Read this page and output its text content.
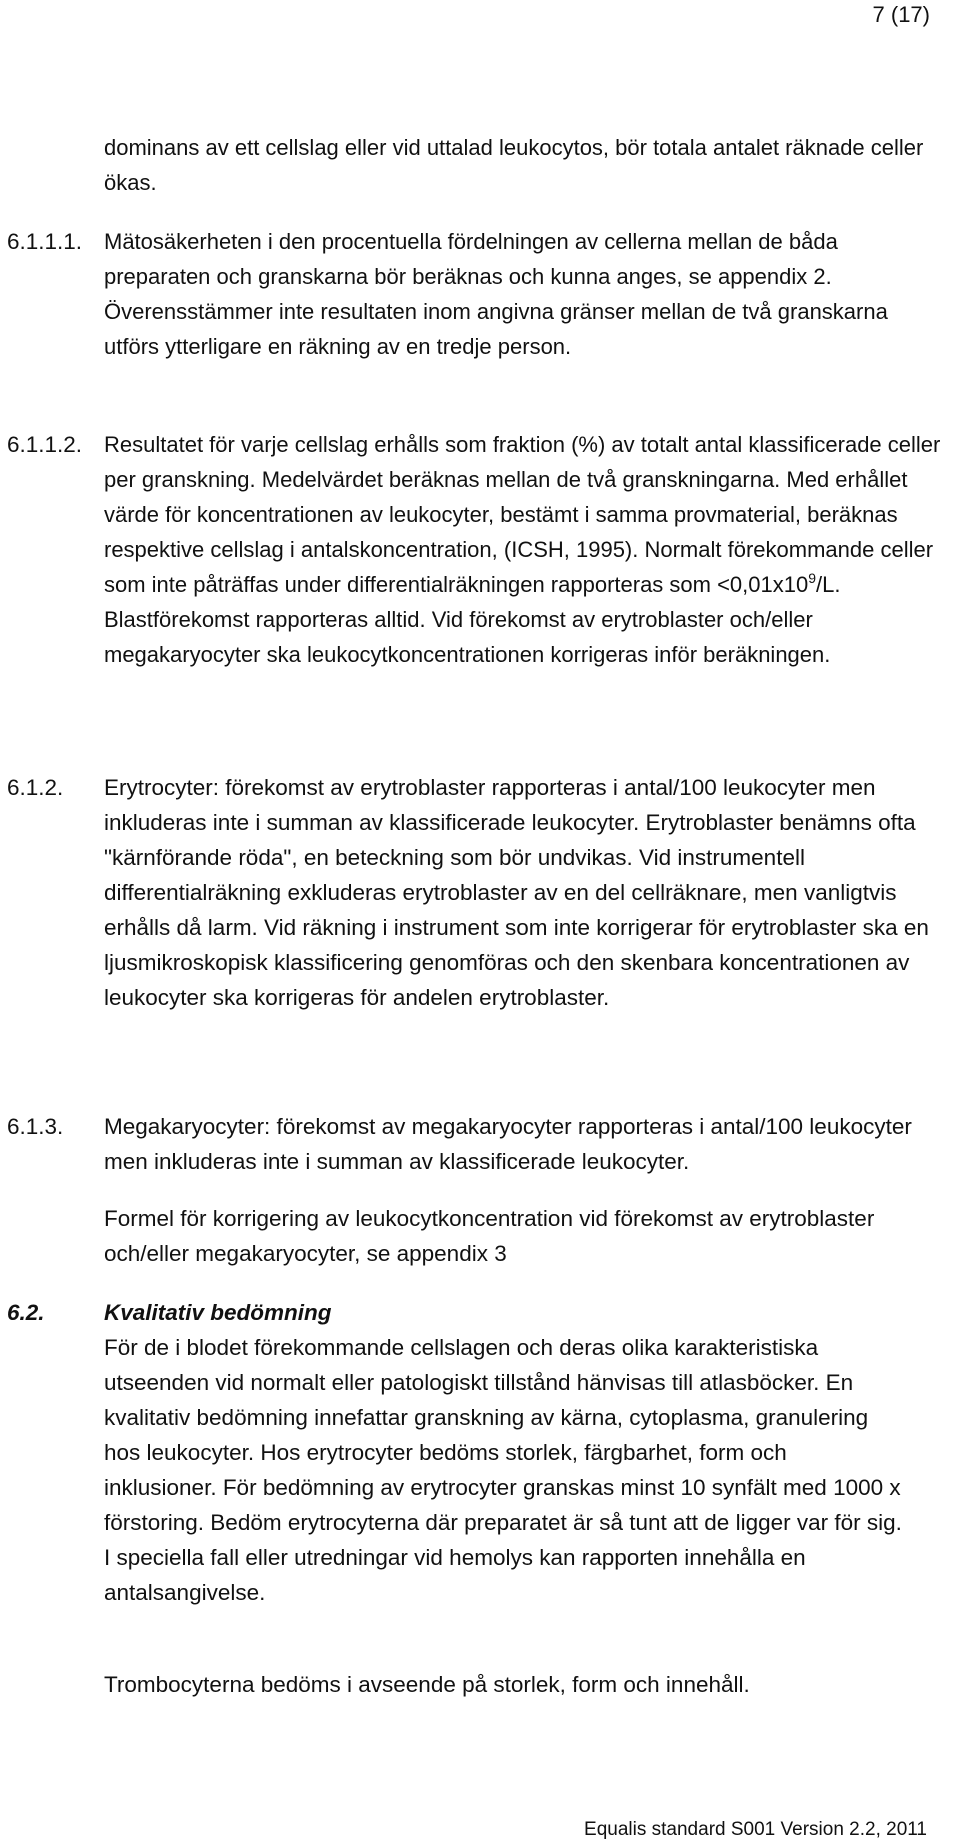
7 (17)

dominans av ett cellslag eller vid uttalad leukocytos, bör totala antalet räknade celler ökas.

6.1.1.1. Mätosäkerheten i den procentuella fördelningen av cellerna mellan de båda preparaten och granskarna bör beräknas och kunna anges, se appendix 2. Överensstämmer inte resultaten inom angivna gränser mellan de två granskarna utförs ytterligare en räkning av en tredje person.

6.1.1.2. Resultatet för varje cellslag erhålls som fraktion (%) av totalt antal klassificerade celler per granskning. Medelvärdet beräknas mellan de två granskningarna. Med erhållet värde för koncentrationen av leukocyter, bestämt i samma provmaterial, beräknas respektive cellslag i antalskoncentration, (ICSH, 1995). Normalt förekommande celler som inte påträffas under differentialräkningen rapporteras som $<0,01x10^9/L$. Blastförekomst rapporteras alltid. Vid förekomst av erytroblaster och/eller megakaryocyter ska leukocytkoncentrationen korrigeras inför beräkningen.

6.1.2. Erytrocyter: förekomst av erytroblaster rapporteras i antal/100 leukocyter men inkluderas inte i summan av klassificerade leukocyter. Erytroblaster benämns ofta "kärnförande röda", en beteckning som bör undvikas. Vid instrumentell differentialräkning exkluderas erytroblaster av en del cellräknare, men vanligtvis erhålls då larm. Vid räkning i instrument som inte korrigerar för erytroblaster ska en ljusmikroskopisk klassificering genomföras och den skenbara koncentrationen av leukocyter ska korrigeras för andelen erytroblaster.

6.1.3. Megakaryocyter: förekomst av megakaryocyter rapporteras i antal/100 leukocyter men inkluderas inte i summan av klassificerade leukocyter.

Formel för korrigering av leukocytkoncentration vid förekomst av erytroblaster och/eller megakaryocyter, se appendix 3

6.2.	Kvalitativ bedömning

För de i blodet förekommande cellslagen och deras olika karakteristiska utseenden vid normalt eller patologiskt tillstånd hänvisas till atlasböcker. En kvalitativ bedömning innefattar granskning av kärna, cytoplasma, granulering hos leukocyter. Hos erytrocyter bedöms storlek, färgbarhet, form och inklusioner. För bedömning av erytrocyter granskas minst 10 synfält med 1000 x förstoring. Bedöm erytrocyterna där preparatet är så tunt att de ligger var för sig. I speciella fall eller utredningar vid hemolys kan rapporten innehålla en antalsangivelse.

Trombocyterna bedöms i avseende på storlek, form och innehåll.

Equalis standard S001 Version 2.2, 2011
